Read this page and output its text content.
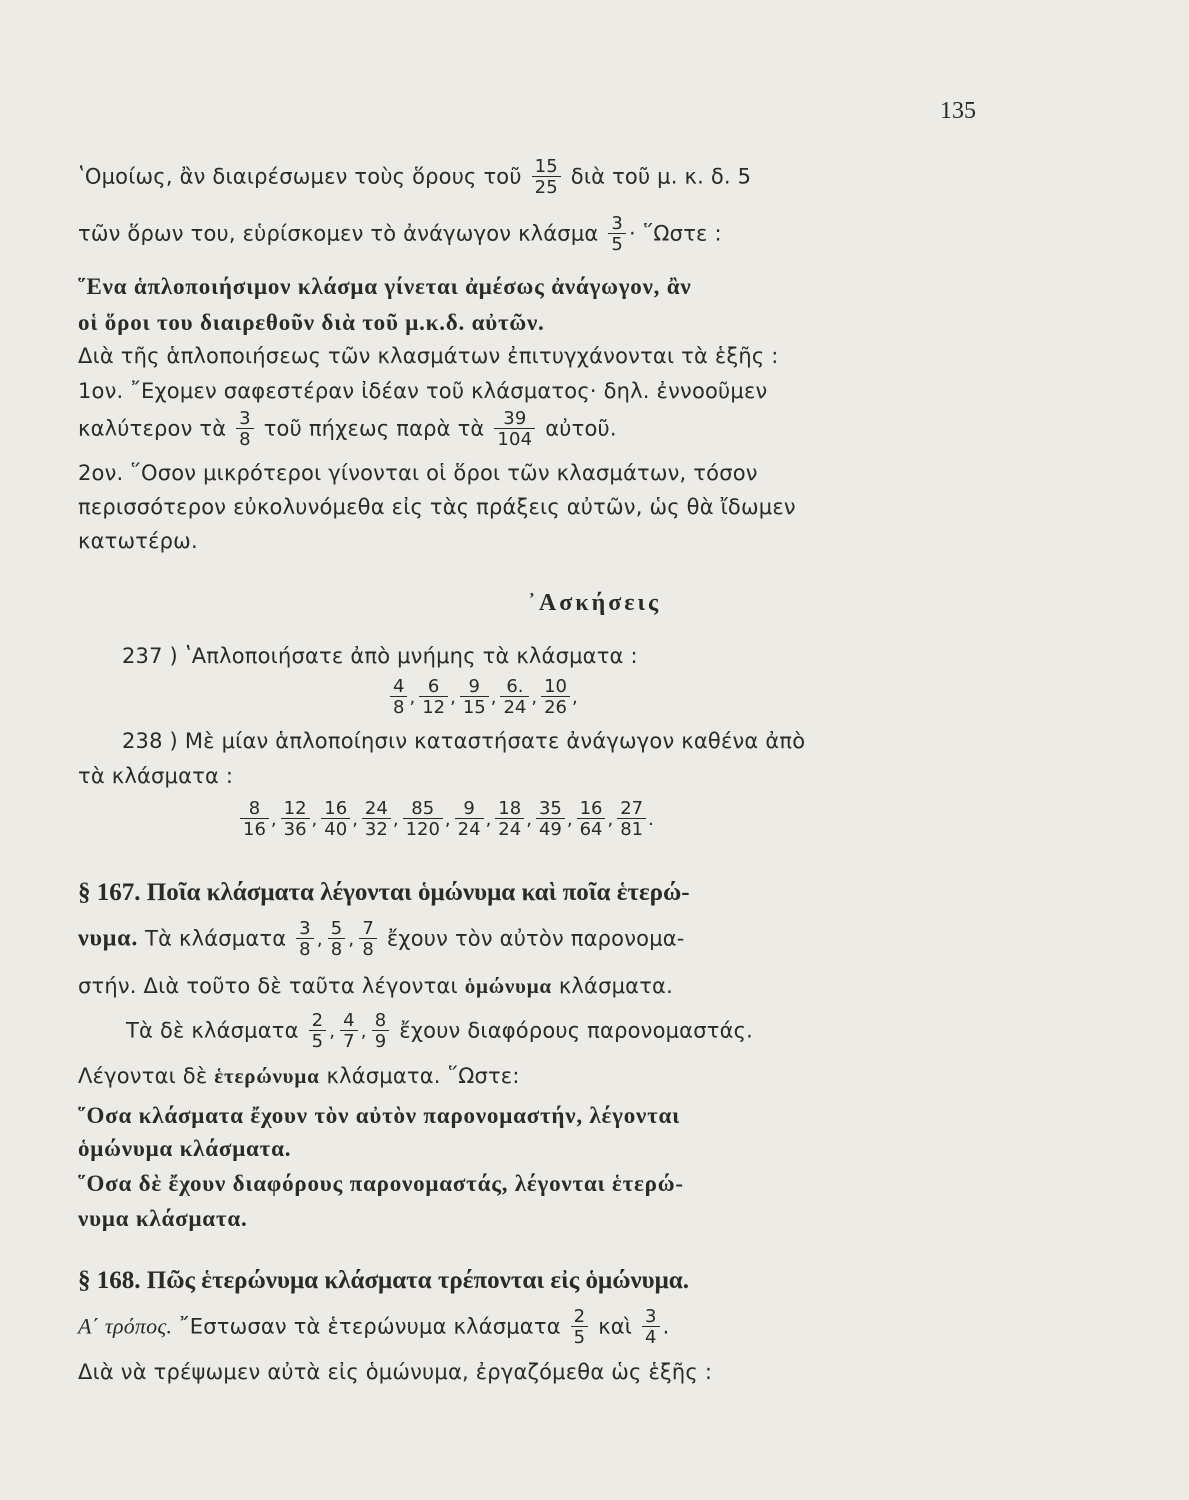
135
ʽΟμοίως, ἂν διαιρέσωμεν τοὺς ὅρους τοῦ $\frac{15}{25}$ διὰ τοῦ μ. κ. δ. 5
τῶν ὅρων του, εὑρίσκομεν τὸ ἀνάγωγον κλάσμα $\frac{3}{5}$ · ῞Ωστε :
῞Ενα ἁπλοποιήσιμον κλάσμα γίνεται ἀμέσως ἀνάγωγον, ἂν
οἱ ὅροι του διαιρεθοῦν διὰ τοῦ μ.κ.δ. αὐτῶν.
Διὰ τῆς ἁπλοποιήσεως τῶν κλασμάτων ἐπιτυγχάνονται τὰ ἑξῆς :
1ον. ῎Εχομεν σαφεστέραν ἰδέαν τοῦ κλάσματος· δηλ. ἐννοοῦμεν
καλύτερον τὰ $\frac{3}{8}$ τοῦ πήχεως παρὰ τὰ $\frac{39}{104}$ αὐτοῦ.
2ον. ῞Οσον μικρότεροι γίνονται οἱ ὅροι τῶν κλασμάτων, τόσον
περισσότερον εὐκολυνόμεθα εἰς τὰς πράξεις αὐτῶν, ὡς θὰ ἴδωμεν
κατωτέρω.
᾿Ασκήσεις
237 ) ʽΑπλοποιήσατε ἀπὸ μνήμης τὰ κλάσματα :
$\frac{4}{8}$ , $\frac{6}{12}$ , $\frac{9}{15}$ , $\frac{6.}{24}$ , $\frac{10}{26}$ ,
238 ) Μὲ μίαν ἁπλοποίησιν καταστήσατε ἀνάγωγον καθένα ἀπὸ
τὰ κλάσματα :
$\frac{8}{16}$ , $\frac{12}{36}$ , $\frac{16}{40}$ , $\frac{24}{32}$ , $\frac{85}{120}$ , $\frac{9}{24}$ , $\frac{18}{24}$ , $\frac{35}{49}$ , $\frac{16}{64}$ , $\frac{27}{81}$ .
§ 167. Ποῖα κλάσματα λέγονται ὁμώνυμα καὶ ποῖα ἑτερώ-
νυμα. Τὰ κλάσματα $\frac{3}{8}$ , $\frac{5}{8}$ , $\frac{7}{8}$ ἔχουν τὸν αὐτὸν παρονομα-
στήν. Διὰ τοῦτο δὲ ταῦτα λέγονται ὁμώνυμα κλάσματα.
Τὰ δὲ κλάσματα $\frac{2}{5}$ , $\frac{4}{7}$ , $\frac{8}{9}$ ἔχουν διαφόρους παρονομαστάς.
Λέγονται δὲ ἑτερώνυμα κλάσματα. ῞Ωστε:
῞Οσα κλάσματα ἔχουν τὸν αὐτὸν παρονομαστήν, λέγονται
ὁμώνυμα κλάσματα.
῞Οσα δὲ ἔχουν διαφόρους παρονομαστάς, λέγονται ἑτερώ-
νυμα κλάσματα.
§ 168. Πῶς ἑτερώνυμα κλάσματα τρέπονται εἰς ὁμώνυμα.
Α΄ τρόπος. ῎Εστωσαν τὰ ἑτερώνυμα κλάσματα $\frac{2}{5}$ καὶ $\frac{3}{4}$ .
Διὰ νὰ τρέψωμεν αὐτὰ εἰς ὁμώνυμα, ἐργαζόμεθα ὡς ἑξῆς :
